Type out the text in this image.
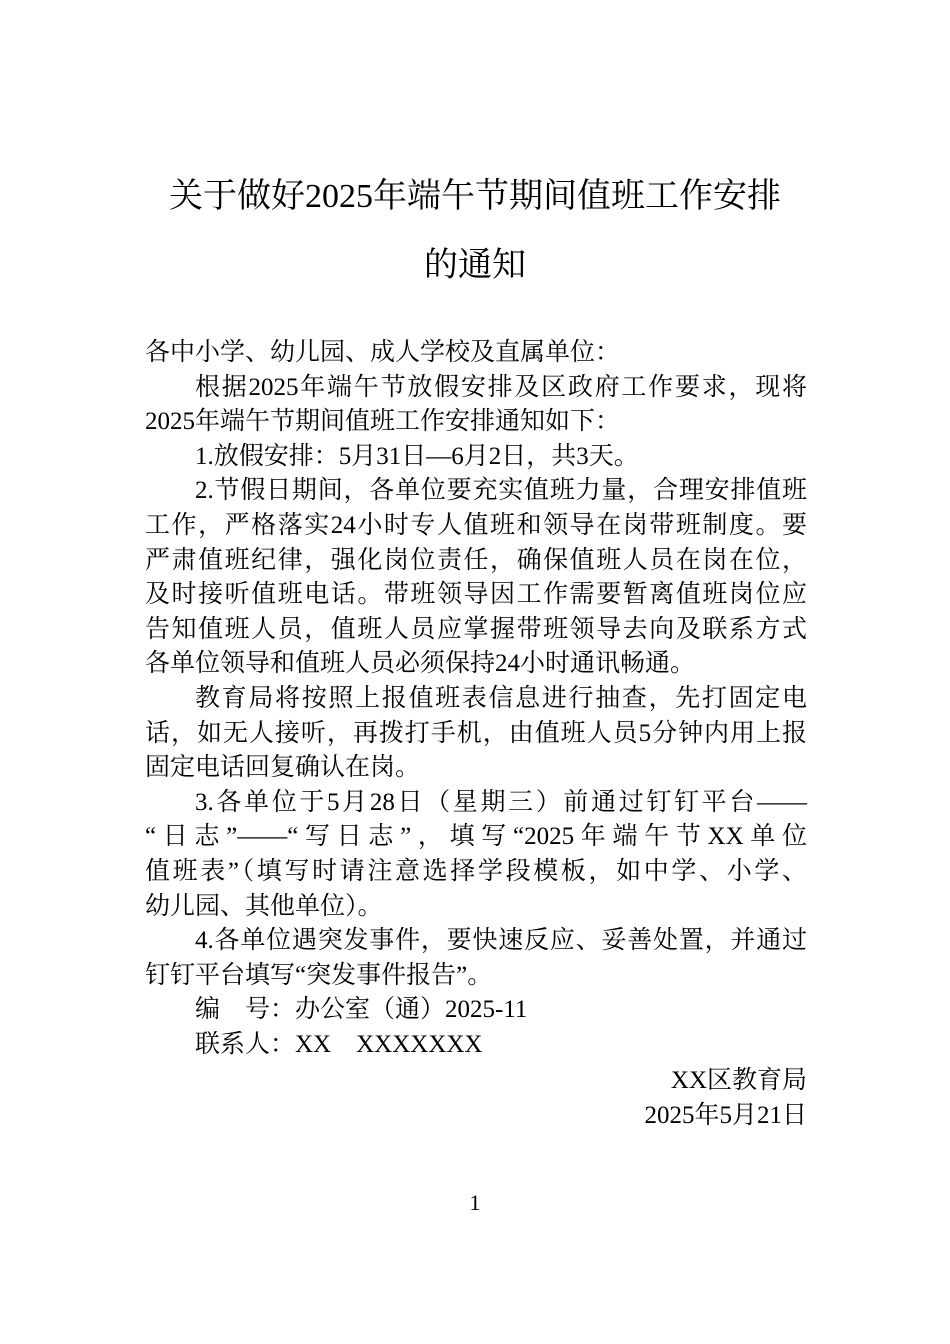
关于做好2025年端午节期间值班工作安排
的通知
各中小学、幼儿园、成人学校及直属单位：
根据2025年端午节放假安排及区政府工作要求，现将
2025年端午节期间值班工作安排通知如下：
1.放假安排：5月31日—6月2日，共3天。
2.节假日期间，各单位要充实值班力量，合理安排值班
工作，严格落实24小时专人值班和领导在岗带班制度。要
严肃值班纪律，强化岗位责任，确保值班人员在岗在位，
及时接听值班电话。带班领导因工作需要暂离值班岗位应
告知值班人员，值班人员应掌握带班领导去向及联系方式
各单位领导和值班人员必须保持24小时通讯畅通。
教育局将按照上报值班表信息进行抽查，先打固定电
话，如无人接听，再拨打手机，由值班人员5分钟内用上报
固定电话回复确认在岗。
3.各单位于5月28日（星期三）前通过钉钉平台——
“日志”——“写日志”，填写“2025年端午节XX单位
值班表”（填写时请注意选择学段模板，如中学、小学、
幼儿园、其他单位）。
4.各单位遇突发事件，要快速反应、妥善处置，并通过
钉钉平台填写“突发事件报告”。
编　号：办公室（通）2025-11
联系人：XX　XXXXXXX
XX区教育局
2025年5月21日
1
